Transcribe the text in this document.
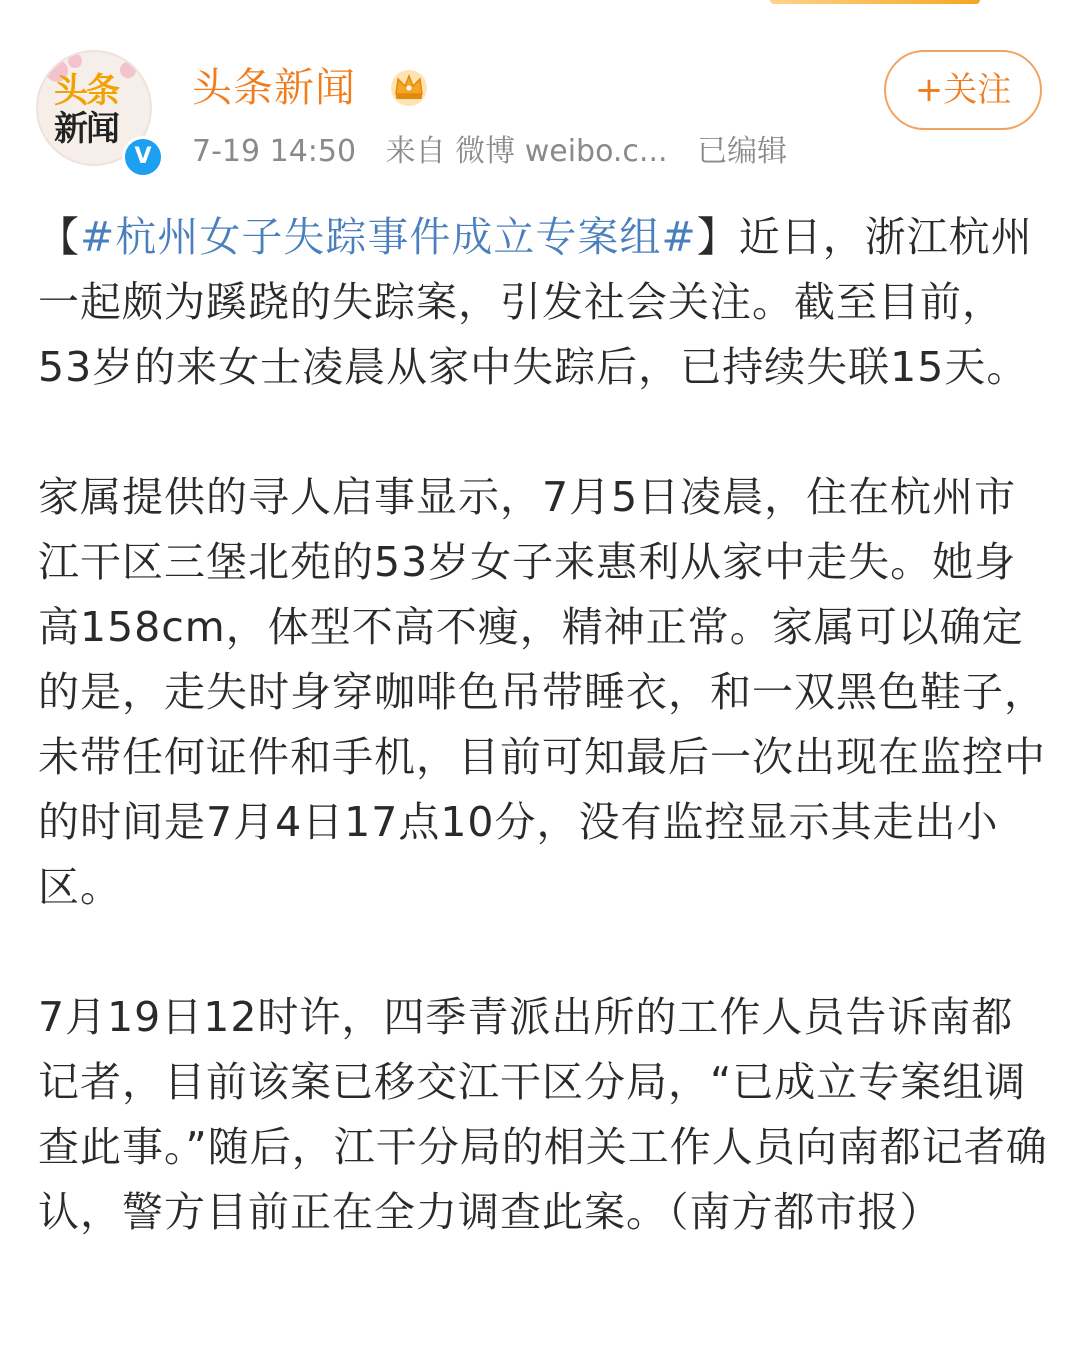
头条
新闻
V
头条新闻
7-19 14:50 来自 微博 weibo.c... 已编辑
+关注

【#杭州女子失踪事件成立专案组#】近日，浙江杭州一起颇为蹊跷的失踪案，引发社会关注。截至目前，53岁的来女士凌晨从家中失踪后，已持续失联15天。

家属提供的寻人启事显示，7月5日凌晨，住在杭州市江干区三堡北苑的53岁女子来惠利从家中走失。她身高158cm，体型不高不瘦，精神正常。家属可以确定的是，走失时身穿咖啡色吊带睡衣，和一双黑色鞋子，未带任何证件和手机，目前可知最后一次出现在监控中的时间是7月4日17点10分，没有监控显示其走出小区。

7月19日12时许，四季青派出所的工作人员告诉南都记者，目前该案已移交江干区分局，“已成立专案组调查此事。”随后，江干分局的相关工作人员向南都记者确认，警方目前正在全力调查此案。（南方都市报）
